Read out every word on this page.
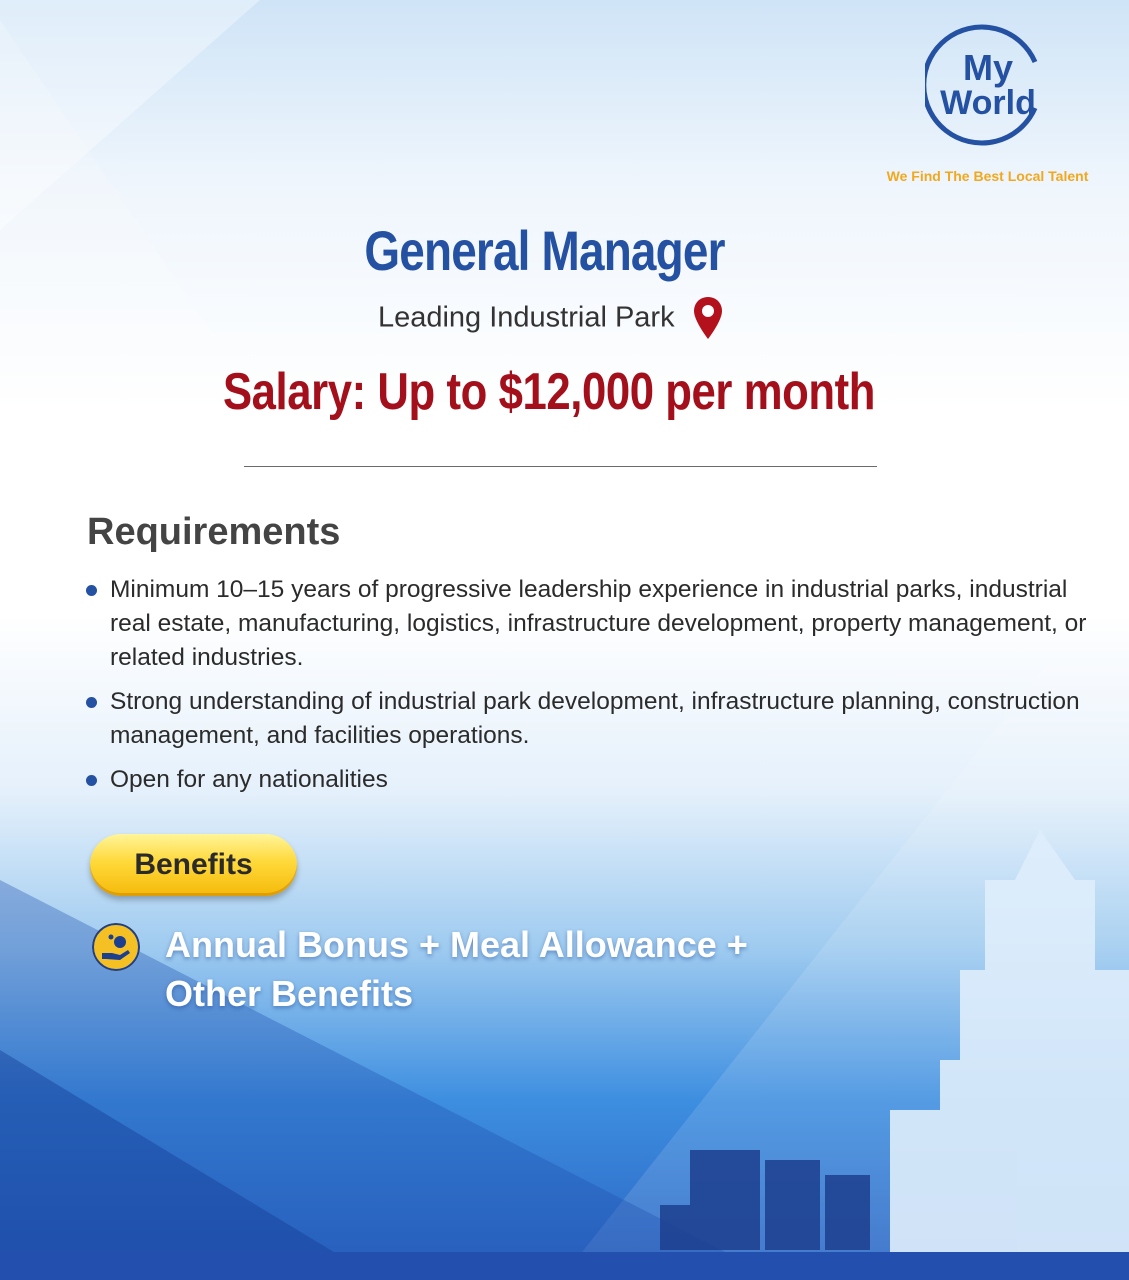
My
World
We Find The Best Local Talent
General Manager
Leading Industrial Park
Salary: Up to $12,000 per month
Requirements
Minimum 10–15 years of progressive leadership experience in industrial parks, industrial real estate, manufacturing, logistics, infrastructure development, property management, or related industries.
Strong understanding of industrial park development, infrastructure planning, construction management, and facilities operations.
Open for any nationalities
Benefits
Annual Bonus + Meal Allowance + Other Benefits
